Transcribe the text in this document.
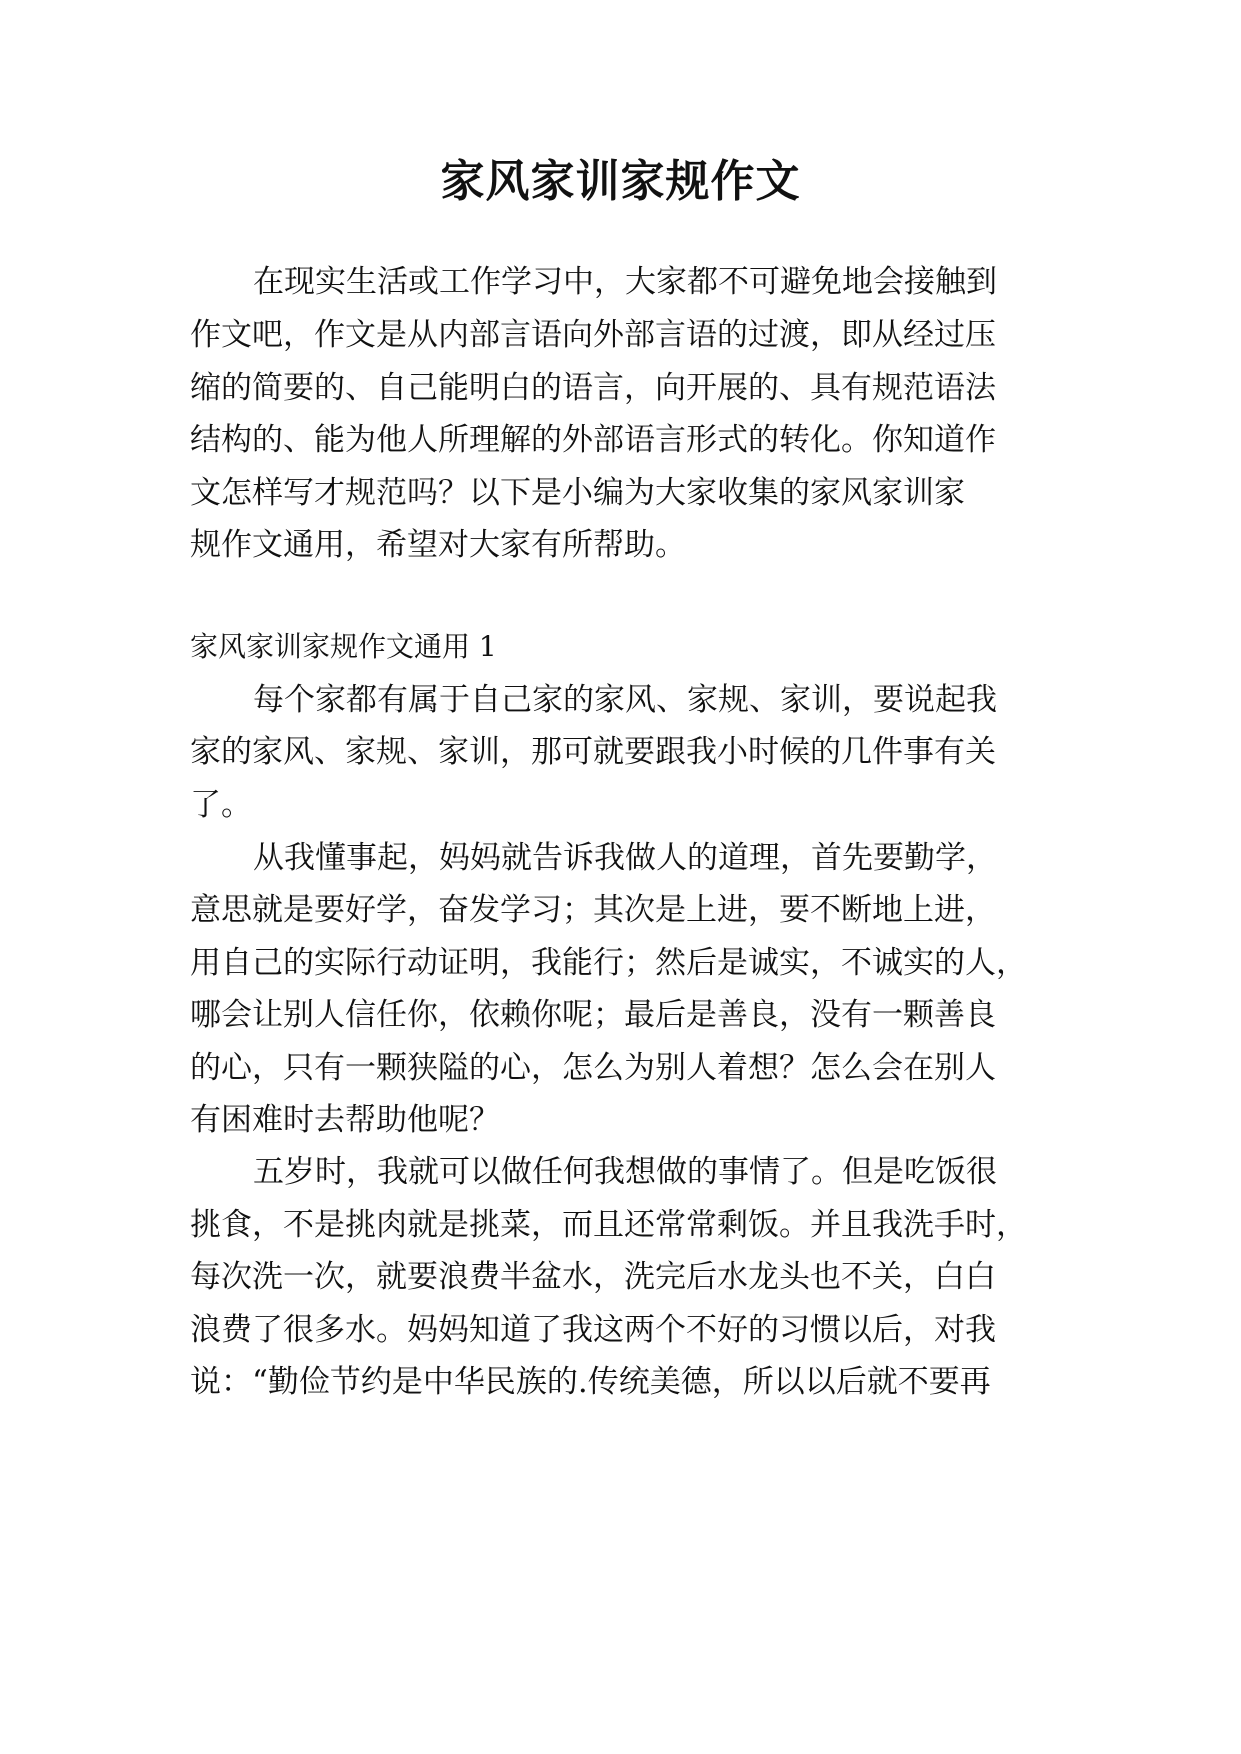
家风家训家规作文

在现实生活或工作学习中，大家都不可避免地会接触到

作文吧，作文是从内部言语向外部言语的过渡，即从经过压

缩的简要的、自己能明白的语言，向开展的、具有规范语法

结构的、能为他人所理解的外部语言形式的转化。你知道作

文怎样写才规范吗？以下是小编为大家收集的家风家训家

规作文通用，希望对大家有所帮助。

家风家训家规作文通用 1

每个家都有属于自己家的家风、家规、家训，要说起我

家的家风、家规、家训，那可就要跟我小时候的几件事有关

了。

从我懂事起，妈妈就告诉我做人的道理，首先要勤学，

意思就是要好学，奋发学习；其次是上进，要不断地上进，

用自己的实际行动证明，我能行；然后是诚实，不诚实的人，

哪会让别人信任你，依赖你呢；最后是善良，没有一颗善良

的心，只有一颗狭隘的心，怎么为别人着想？怎么会在别人

有困难时去帮助他呢？

五岁时，我就可以做任何我想做的事情了。但是吃饭很

挑食，不是挑肉就是挑菜，而且还常常剩饭。并且我洗手时，

每次洗一次，就要浪费半盆水，洗完后水龙头也不关，白白

浪费了很多水。妈妈知道了我这两个不好的习惯以后，对我

说：“勤俭节约是中华民族的.传统美德，所以以后就不要再
